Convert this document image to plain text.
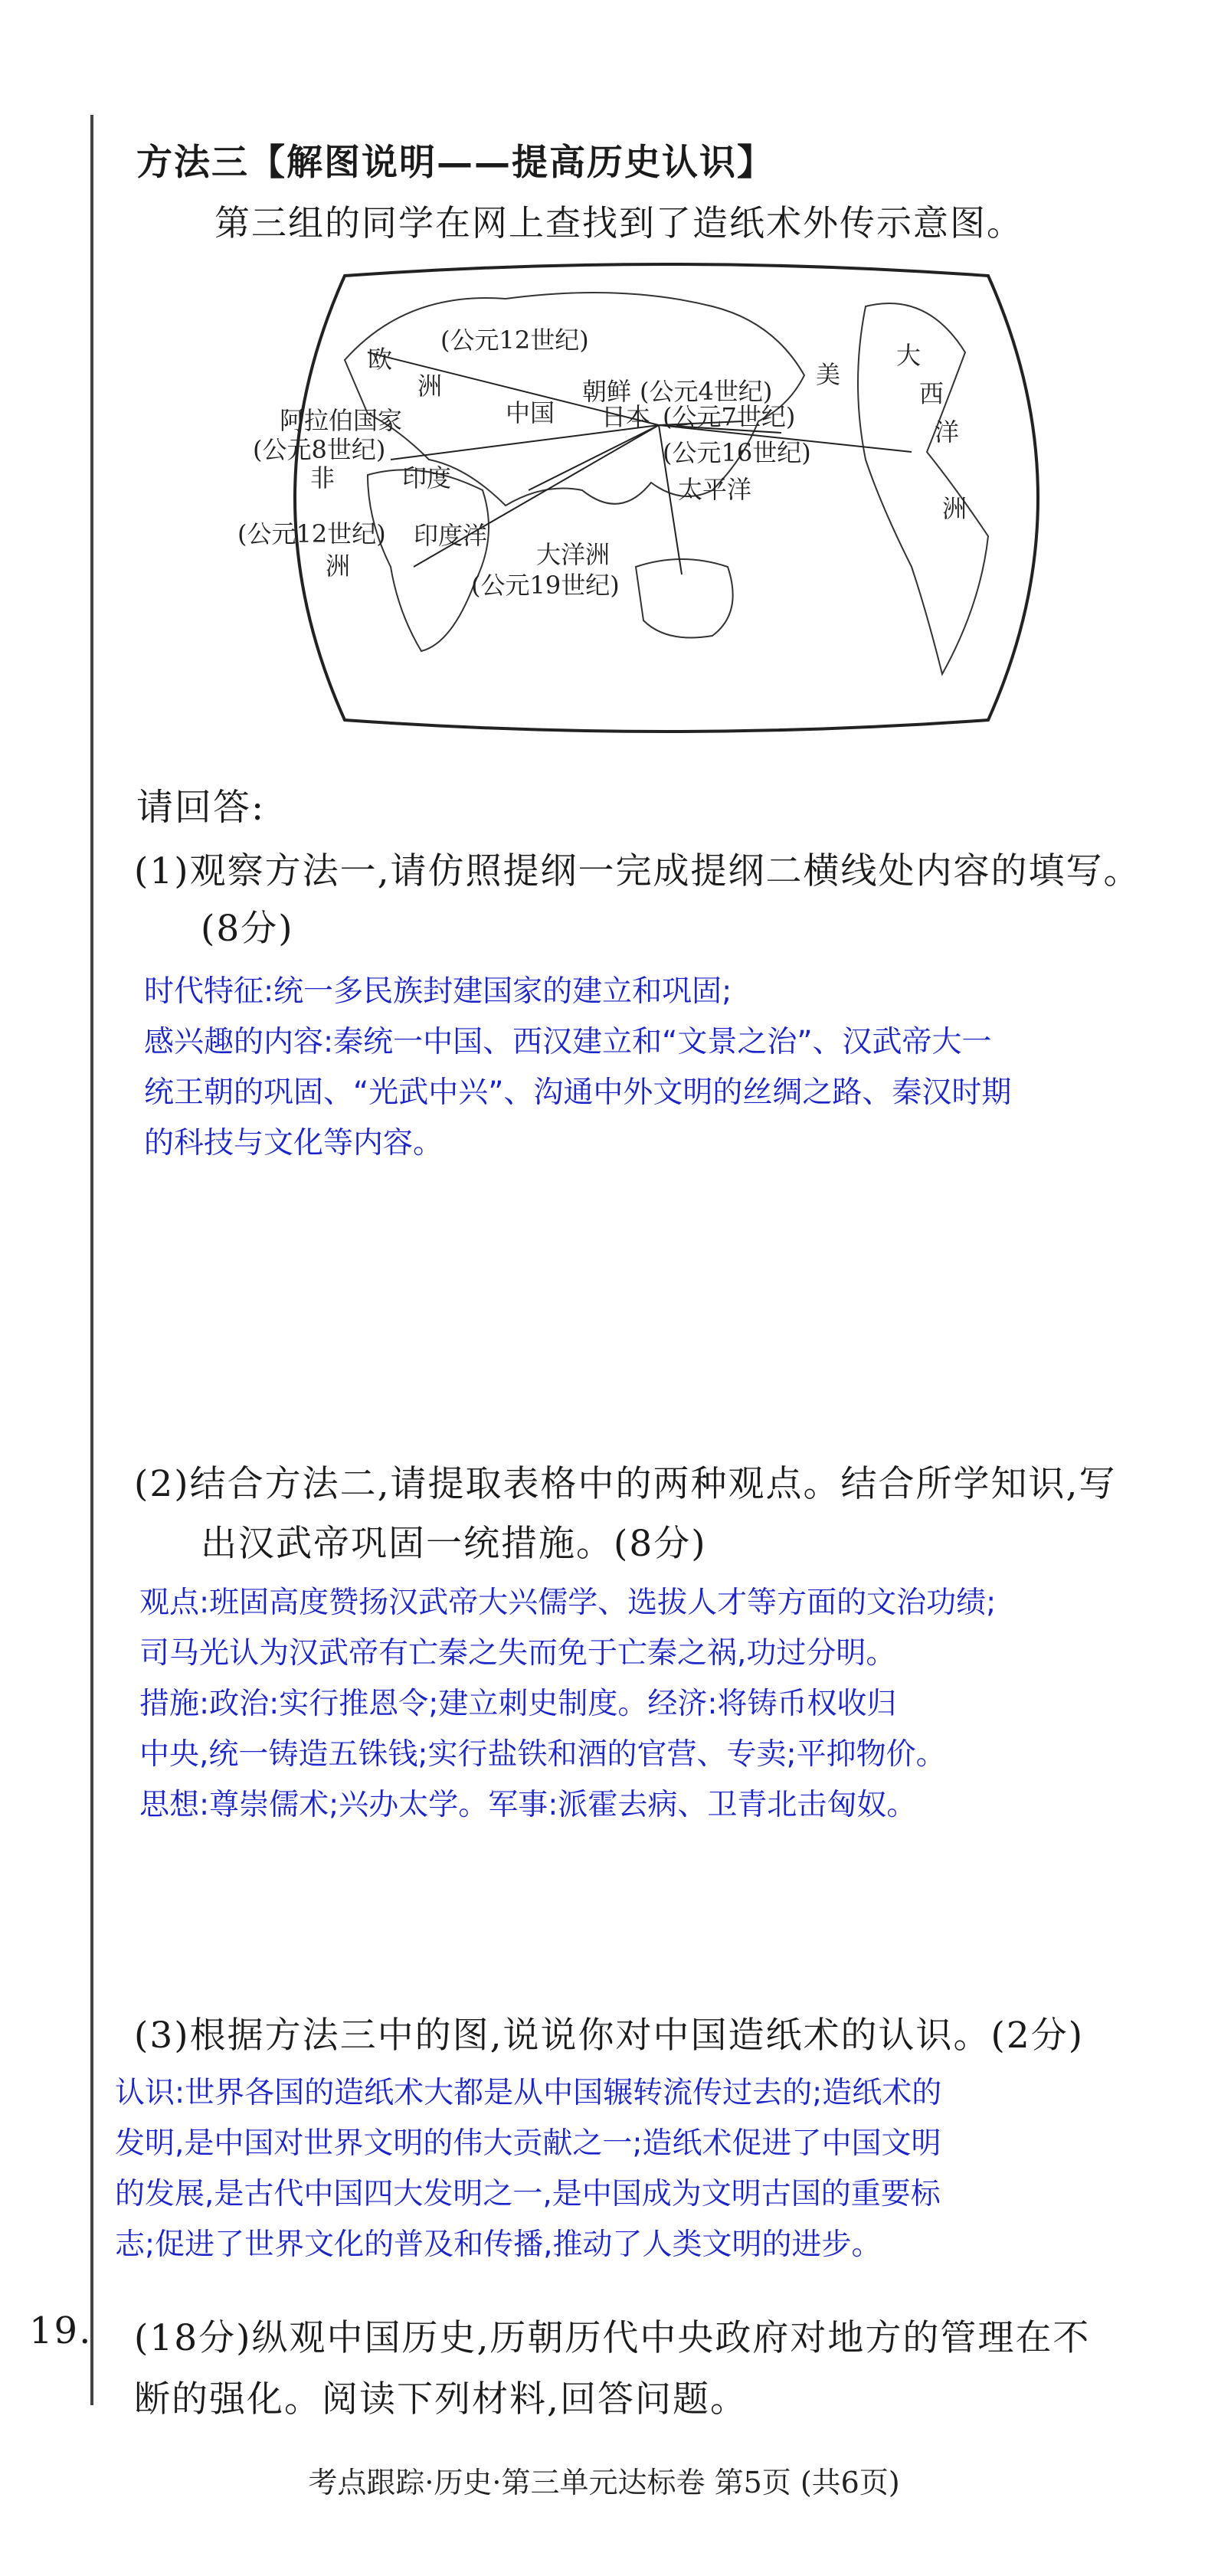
方法三【解图说明——提高历史认识】
第三组的同学在网上查找到了造纸术外传示意图。
欧
洲
(公元12世纪)
朝鲜 (公元4世纪)
美
大
西
洋
阿拉伯国家	中国 日本 (公元7世纪)
(公元8世纪)	(公元16世纪)
非	印度	太平洋
洲
(公元12世纪) 印度洋
大洋洲
洲
(公元19世纪)
请回答:
(1)观察方法一,请仿照提纲一完成提纲二横线处内容的填写。
(8分)
时代特征:统一多民族封建国家的建立和巩固;
感兴趣的内容:秦统一中国、西汉建立和“文景之治”、汉武帝大一
统王朝的巩固、“光武中兴”、沟通中外文明的丝绸之路、秦汉时期
的科技与文化等内容。
(2)结合方法二,请提取表格中的两种观点。结合所学知识,写
出汉武帝巩固一统措施。(8分)
观点:班固高度赞扬汉武帝大兴儒学、选拔人才等方面的文治功绩;
司马光认为汉武帝有亡秦之失而免于亡秦之祸,功过分明。
措施:政治:实行推恩令;建立刺史制度。经济:将铸币权收归
中央,统一铸造五铢钱;实行盐铁和酒的官营、专卖;平抑物价。
思想:尊崇儒术;兴办太学。军事:派霍去病、卫青北击匈奴。
(3)根据方法三中的图,说说你对中国造纸术的认识。(2分)
认识:世界各国的造纸术大都是从中国辗转流传过去的;造纸术的
发明,是中国对世界文明的伟大贡献之一;造纸术促进了中国文明
的发展,是古代中国四大发明之一,是中国成为文明古国的重要标
志;促进了世界文化的普及和传播,推动了人类文明的进步。
19. (18分)纵观中国历史,历朝历代中央政府对地方的管理在不
断的强化。阅读下列材料,回答问题。
考点跟踪·历史·第三单元达标卷 第5页 (共6页)
